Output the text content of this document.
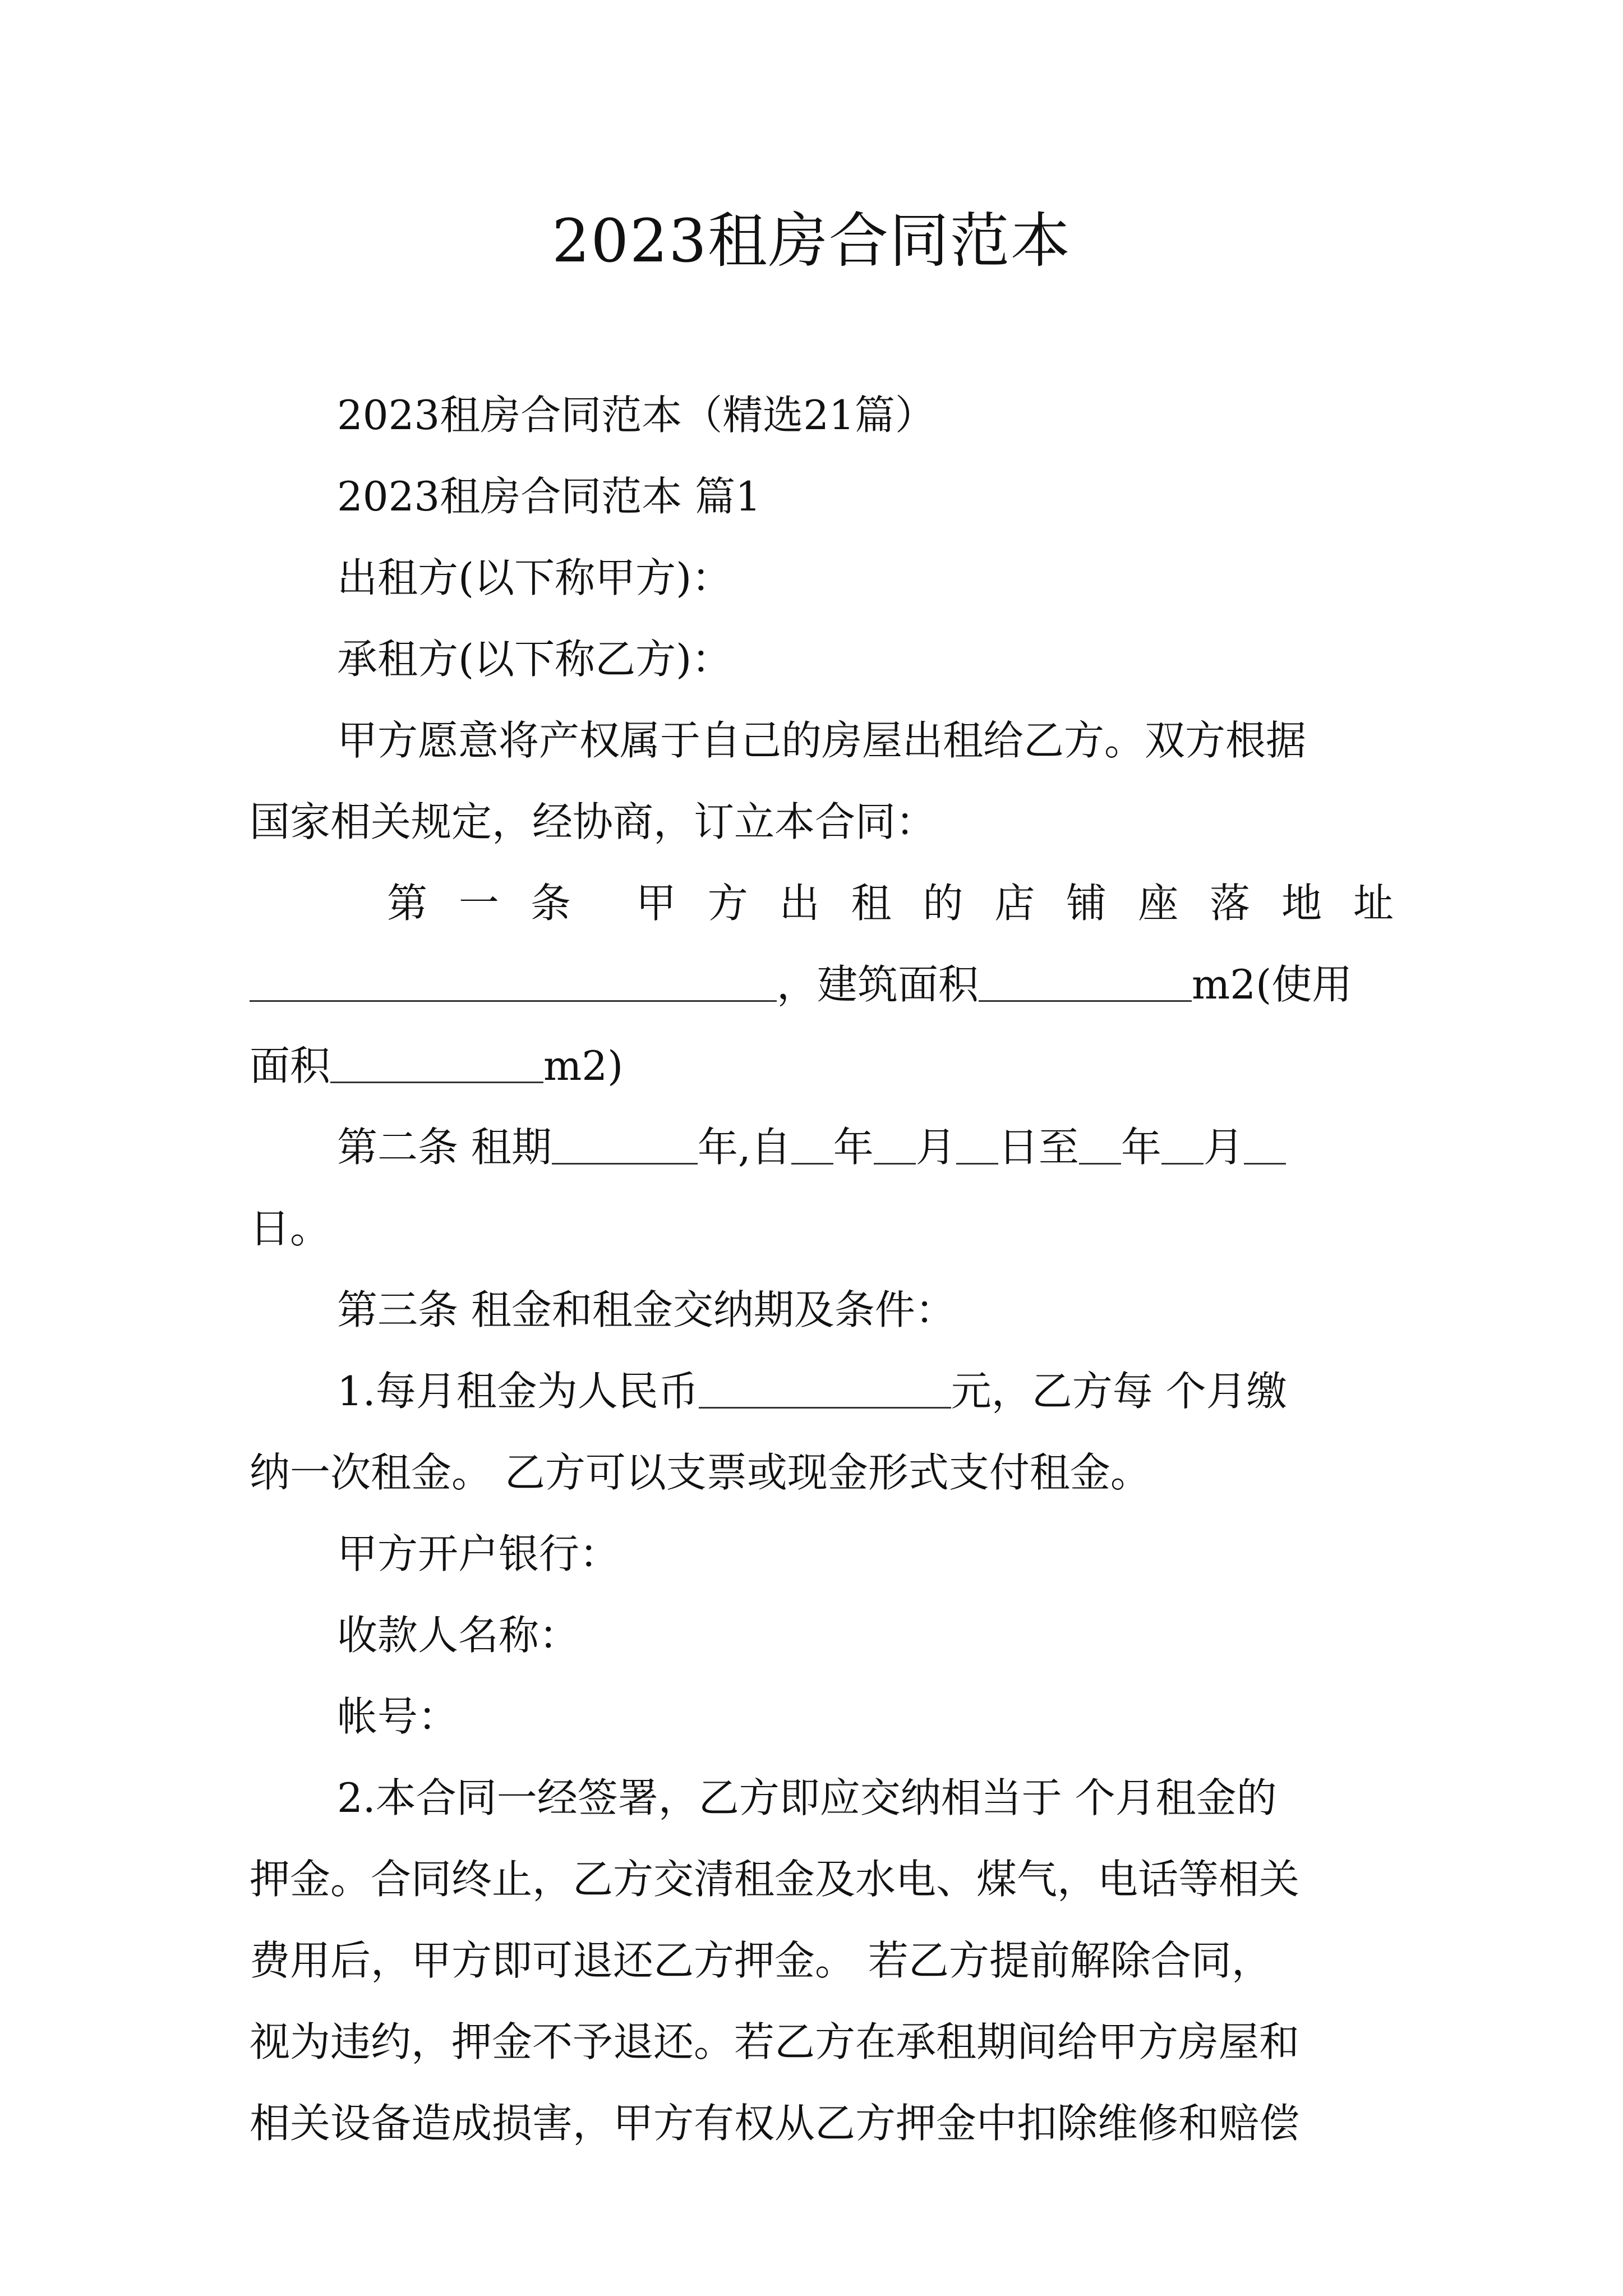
2023租房合同范本
2023租房合同范本（精选21篇）
2023租房合同范本 篇1
出租方(以下称甲方)：
承租方(以下称乙方)：
甲方愿意将产权属于自己的房屋出租给乙方。双方根据
国家相关规定，经协商，订立本合同：
第 一 条 甲 方 出 租 的 店 铺 座 落 地 址
，建筑面积	m2(使用
面积	m2)
第二条 租期	年,自 年 月 日至 年 月
日。
第三条 租金和租金交纳期及条件：
1.每月租金为人民币	元，乙方每 个月缴
纳一次租金。 乙方可以支票或现金形式支付租金。
甲方开户银行：
收款人名称：
帐号：
2.本合同一经签署，乙方即应交纳相当于 个月租金的
押金。合同终止，乙方交清租金及水电、煤气，电话等相关
费用后，甲方即可退还乙方押金。 若乙方提前解除合同，
视为违约，押金不予退还。若乙方在承租期间给甲方房屋和
相关设备造成损害，甲方有权从乙方押金中扣除维修和赔偿
